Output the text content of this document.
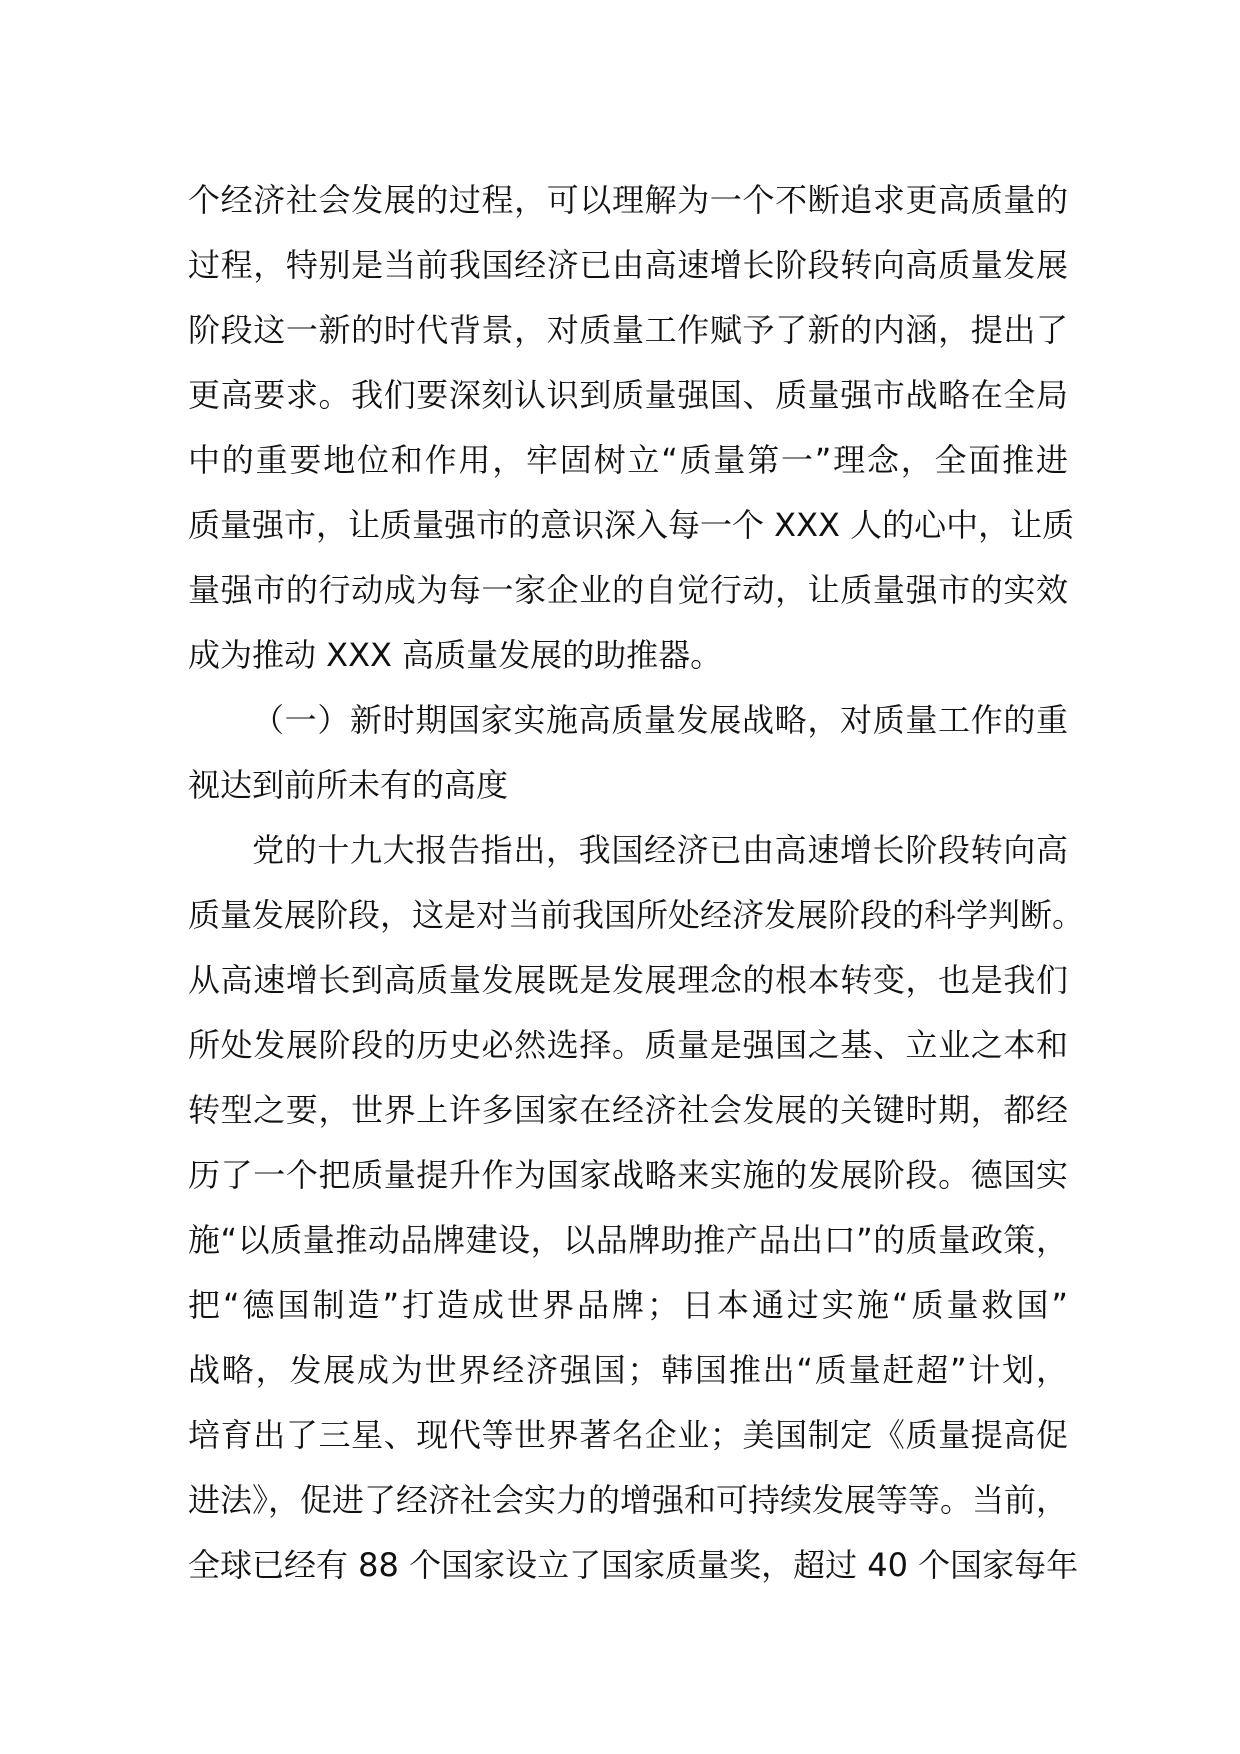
个经济社会发展的过程，可以理解为一个不断追求更高质量的
过程，特别是当前我国经济已由高速增长阶段转向高质量发展
阶段这一新的时代背景，对质量工作赋予了新的内涵，提出了
更高要求。我们要深刻认识到质量强国、质量强市战略在全局
中的重要地位和作用，牢固树立“质量第一”理念，全面推进
质量强市，让质量强市的意识深入每一个 XXX 人的心中，让质
量强市的行动成为每一家企业的自觉行动，让质量强市的实效
成为推动 XXX 高质量发展的助推器。
（一）新时期国家实施高质量发展战略，对质量工作的重
视达到前所未有的高度
党的十九大报告指出，我国经济已由高速增长阶段转向高
质量发展阶段，这是对当前我国所处经济发展阶段的科学判断。
从高速增长到高质量发展既是发展理念的根本转变，也是我们
所处发展阶段的历史必然选择。质量是强国之基、立业之本和
转型之要，世界上许多国家在经济社会发展的关键时期，都经
历了一个把质量提升作为国家战略来实施的发展阶段。德国实
施“以质量推动品牌建设，以品牌助推产品出口”的质量政策，
把“德国制造”打造成世界品牌；日本通过实施“质量救国”
战略，发展成为世界经济强国；韩国推出“质量赶超”计划，
培育出了三星、现代等世界著名企业；美国制定《质量提高促
进法》，促进了经济社会实力的增强和可持续发展等等。当前，
全球已经有 88 个国家设立了国家质量奖，超过 40 个国家每年
